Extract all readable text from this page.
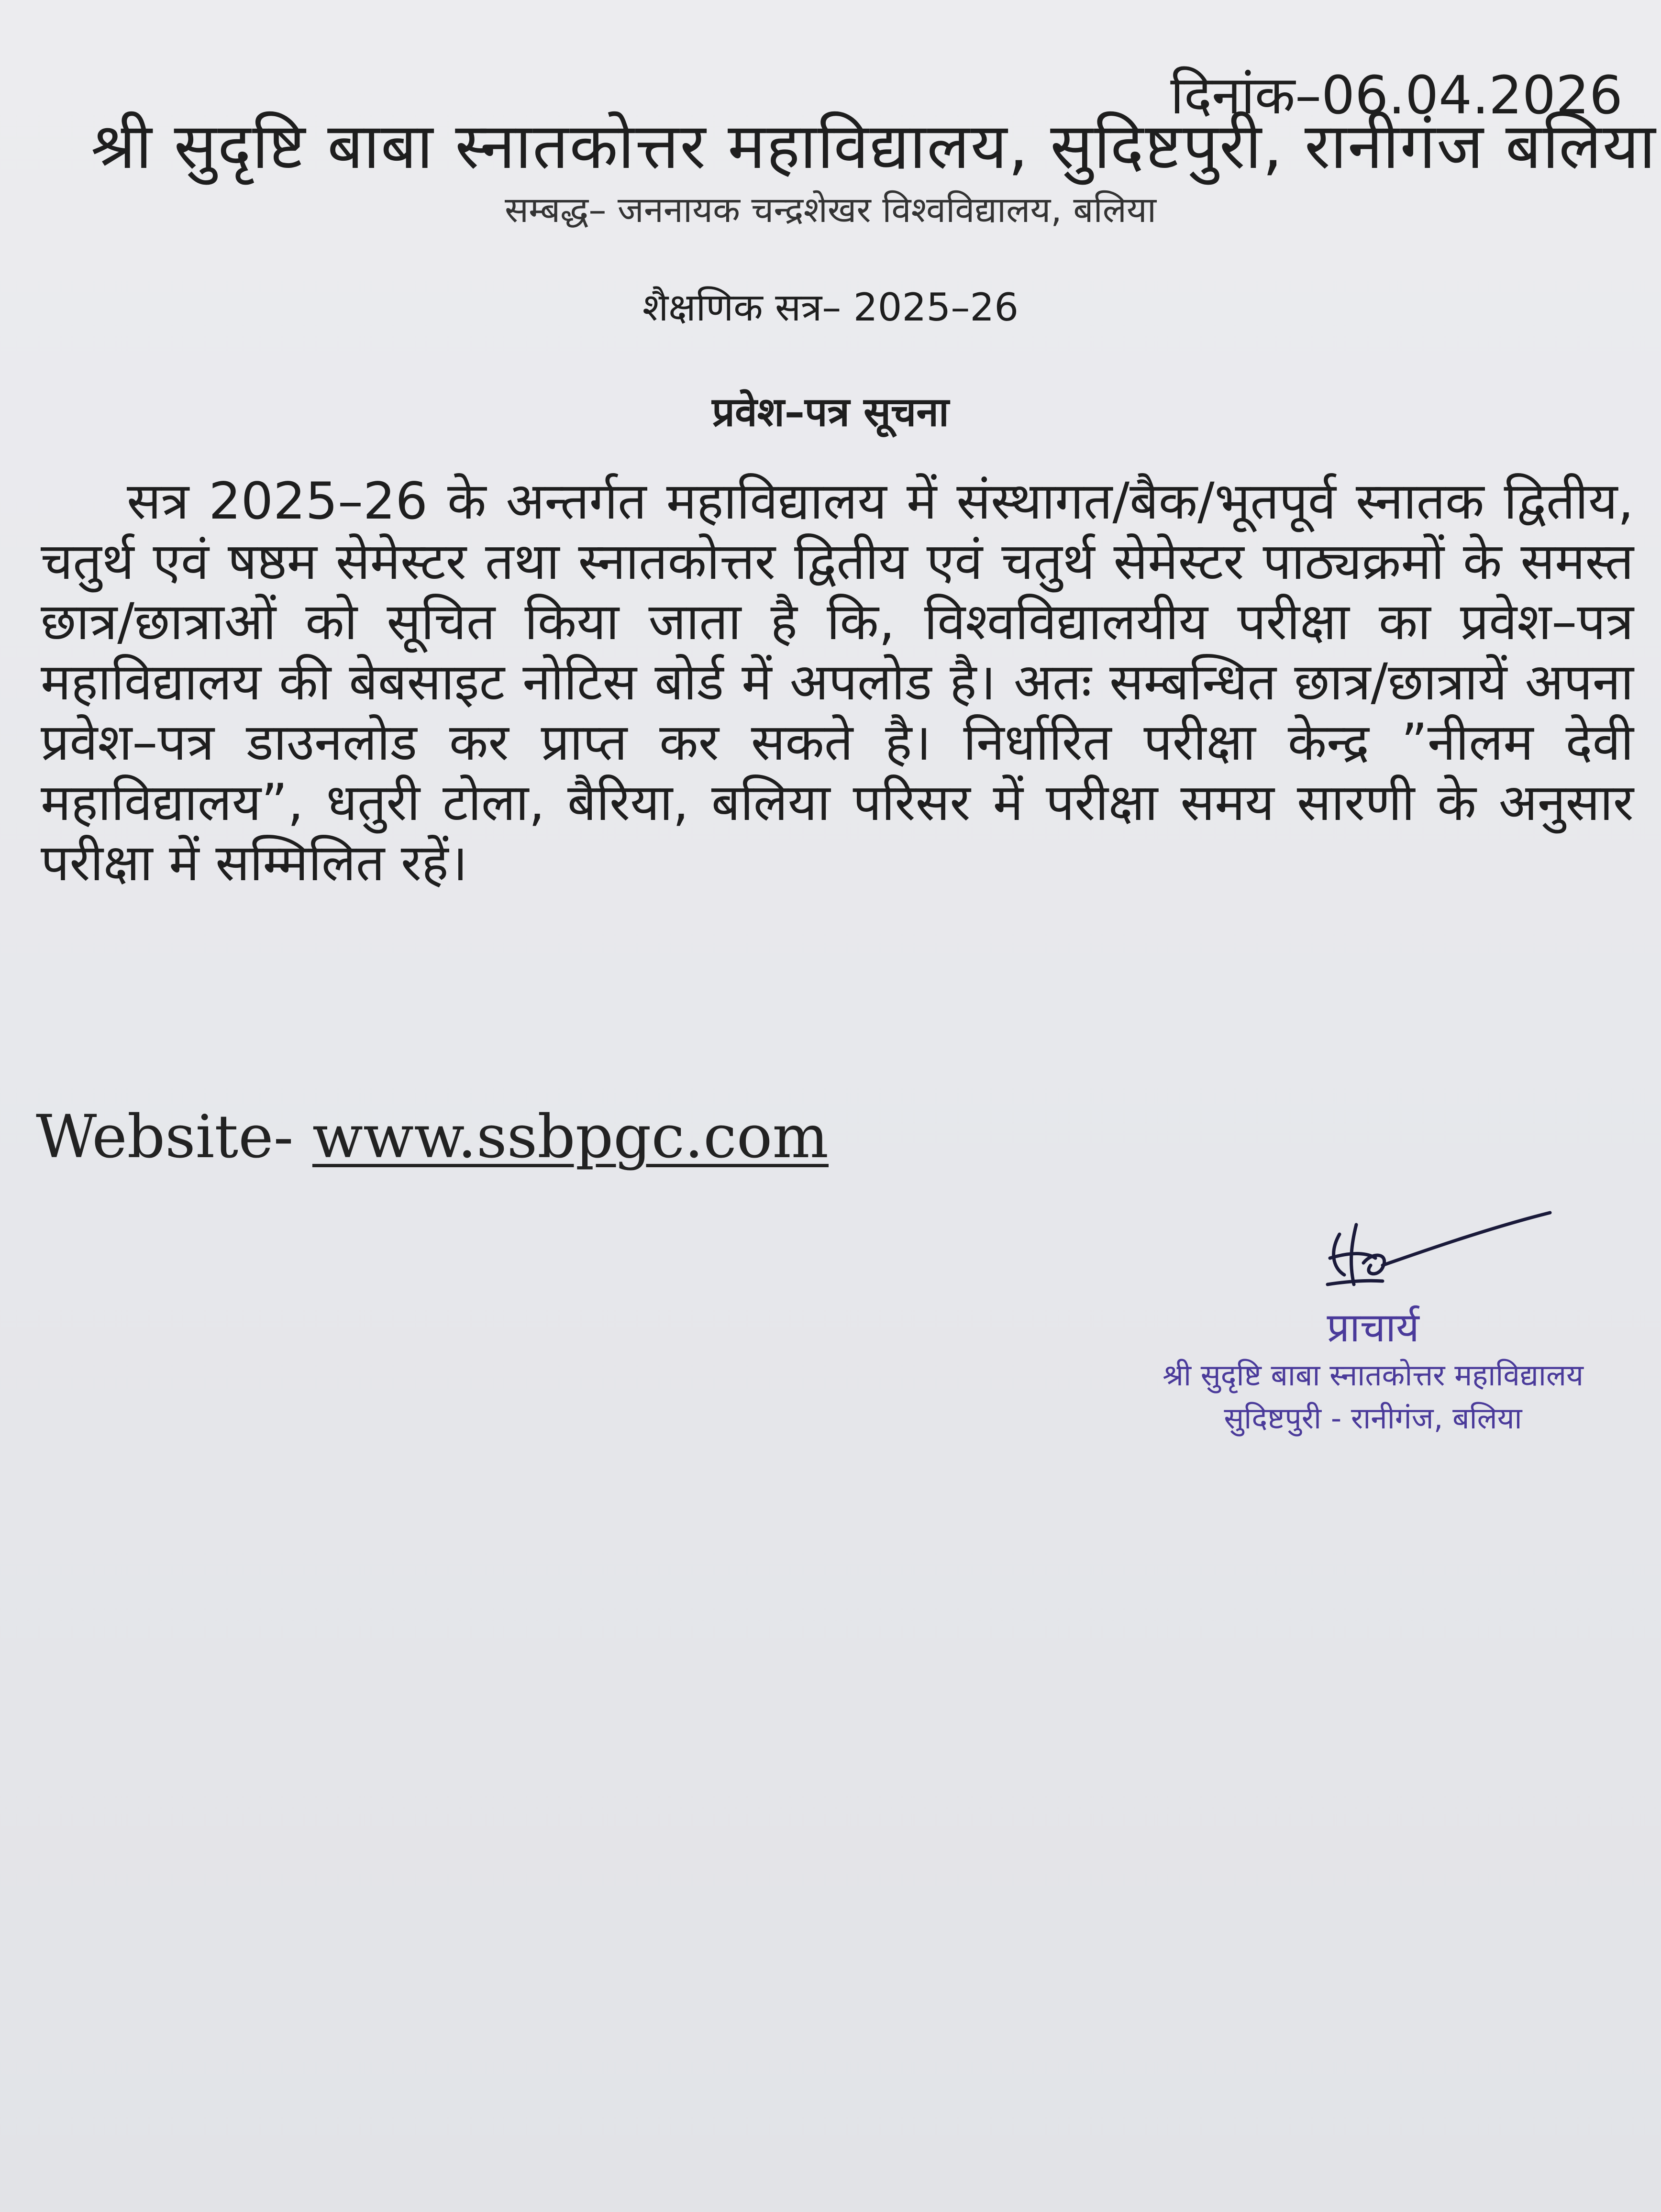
दिनांक–06.04.2026
श्री सुदृष्टि बाबा स्नातकोत्तर महाविद्यालय, सुदिष्टपुरी, रानीगंज बलिया
सम्बद्ध– जननायक चन्द्रशेखर विश्वविद्यालय, बलिया
शैक्षणिक सत्र– 2025–26
प्रवेश–पत्र सूचना

सत्र 2025–26 के अन्तर्गत महाविद्यालय में संस्थागत/बैक/भूतपूर्व स्नातक द्वितीय, चतुर्थ एवं षष्ठम सेमेस्टर तथा स्नातकोत्तर द्वितीय एवं चतुर्थ सेमेस्टर पाठ्यक्रमों के समस्त छात्र/छात्राओं को सूचित किया जाता है कि, विश्वविद्यालयीय परीक्षा का प्रवेश–पत्र महाविद्यालय की बेबसाइट नोटिस बोर्ड में अपलोड है। अतः सम्बन्धित छात्र/छात्रायें अपना प्रवेश–पत्र डाउनलोड कर प्राप्त कर सकते है। निर्धारित परीक्षा केन्द्र ”नीलम देवी महाविद्यालय”, धतुरी टोला, बैरिया, बलिया परिसर में परीक्षा समय सारणी के अनुसार परीक्षा में सम्मिलित रहें।

Website- www.ssbpgc.com
प्राचार्य
श्री सुदृष्टि बाबा स्नातकोत्तर महाविद्यालय
सुदिष्टपुरी - रानीगंज, बलिया
